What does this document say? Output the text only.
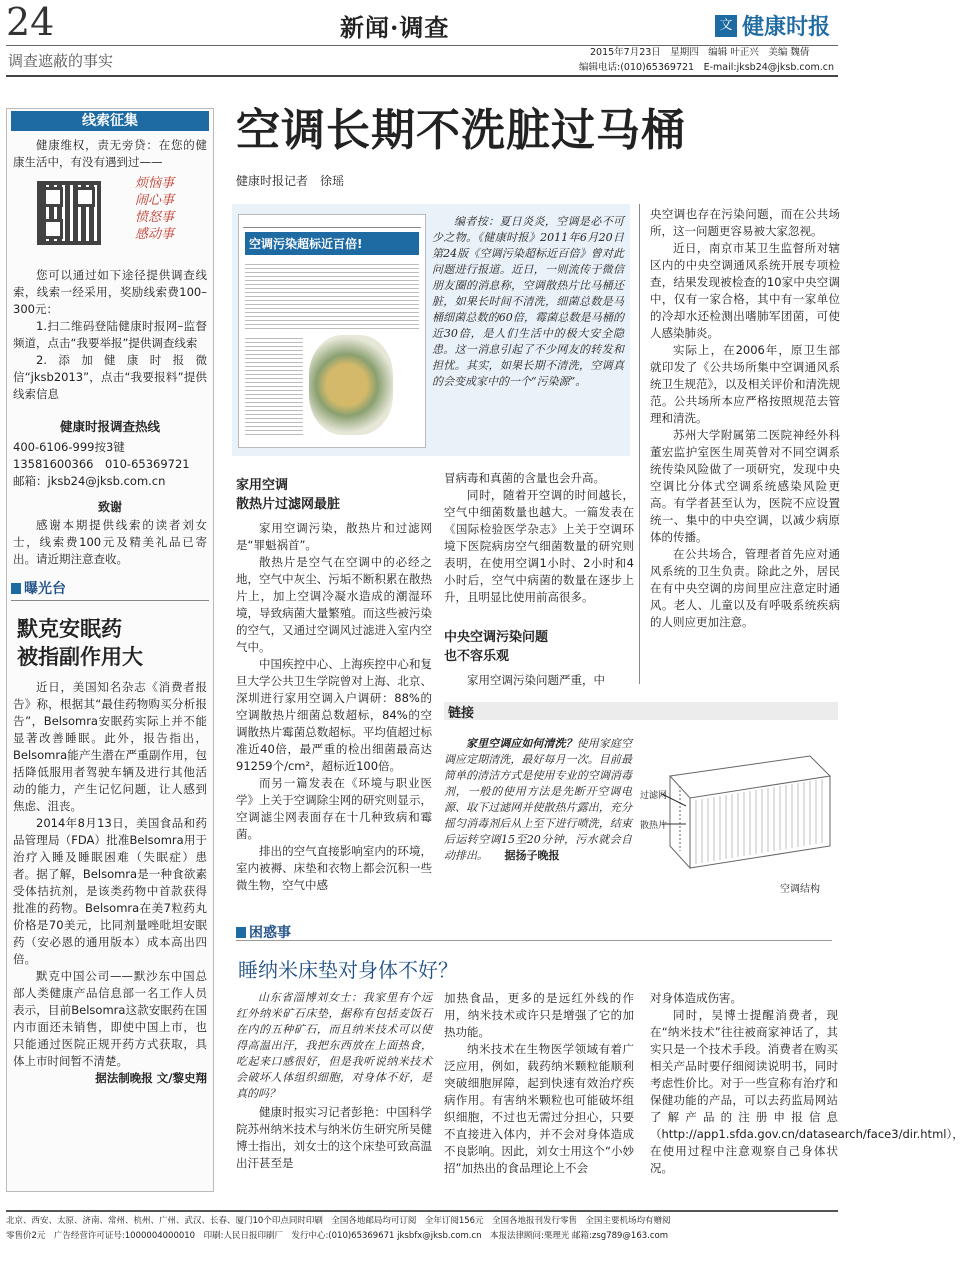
24	新闻·调查
调查遮蔽的事实
文 健康时报
2015年7月23日　星期四　编辑 叶正兴　美编 魏倩
编辑电话:(010)65369721　E-mail:jksb24@jksb.com.cn
线索征集
健康维权，责无旁贷：在您的健康生活中，有没有遇到过——
烦恼事
闹心事
愤怒事
感动事

您可以通过如下途径提供调查线索，线索一经采用，奖励线索费100–300元：

1.扫二维码登陆健康时报网–监督频道，点击“我要举报”提供调查线索

2.添加健康时报微信“jksb2013”，点击“我要报料”提供线索信息

健康时报调查热线
400-6106-999按3键
13581600366　010-65369721
邮箱：jksb24@jksb.com.cn
致谢

感谢本期提供线索的读者刘女士，线索费100元及精美礼品已寄出。请近期注意查收。

曝光台
默克安眠药
被指副作用大

近日，美国知名杂志《消费者报告》称，根据其“最佳药物购买分析报告”，Belsomra安眠药实际上并不能显著改善睡眠。此外，报告指出，Belsomra能产生潜在严重副作用，包括降低服用者驾驶车辆及进行其他活动的能力，产生记忆问题，让人感到焦虑、沮丧。

2014年8月13日，美国食品和药品管理局（FDA）批准Belsomra用于治疗入睡及睡眠困难（失眠症）患者。据了解，Belsomra是一种食欲素受体拮抗剂，是该类药物中首款获得批准的药物。Belsomra在美7粒药丸价格是70美元，比同剂量唑吡坦安眠药（安必恩的通用版本）成本高出四倍。

默克中国公司——默沙东中国总部人类健康产品信息部一名工作人员表示，目前Belsomra这款安眠药在国内市面还未销售，即使中国上市，也只能通过医院正规开药方式获取，具体上市时间暂不清楚。

据法制晚报 文/黎史翔
空调长期不洗脏过马桶
健康时报记者　徐瑶
空调污染超标近百倍!
编者按：夏日炎炎，空调是必不可少之物。《健康时报》2011年6月20日第24版《空调污染超标近百倍》曾对此问题进行报道。近日，一则流传于微信朋友圈的消息称，空调散热片比马桶还脏，如果长时间不清洗，细菌总数是马桶细菌总数的60倍，霉菌总数是马桶的近30倍，是人们生活中的极大安全隐患。这一消息引起了不少网友的转发和担忧。其实，如果长期不清洗，空调真的会变成家中的一个“污染源”。
家用空调
散热片过滤网最脏

家用空调污染，散热片和过滤网是“罪魁祸首”。

散热片是空气在空调中的必经之地，空气中灰尘、污垢不断积累在散热片上，加上空调冷凝水造成的潮湿环境，导致病菌大量繁殖。而这些被污染的空气，又通过空调风过滤进入室内空气中。

中国疾控中心、上海疾控中心和复旦大学公共卫生学院曾对上海、北京、深圳进行家用空调入户调研：88%的空调散热片细菌总数超标，84%的空调散热片霉菌总数超标。平均值超过标准近40倍，最严重的检出细菌最高达91259个/cm²，超标近100倍。

而另一篇发表在《环境与职业医学》上关于空调除尘网的研究则显示，空调滤尘网表面存在十几种致病和霉菌。

排出的空气直接影响室内的环境，室内被褥、床垫和衣物上都会沉积一些微生物，空气中感

冒病毒和真菌的含量也会升高。

同时，随着开空调的时间越长，空气中细菌数量也越大。一篇发表在《国际检验医学杂志》上关于空调环境下医院病房空气细菌数量的研究则表明，在使用空调1小时、2小时和4小时后，空气中病菌的数量在逐步上升，且明显比使用前高很多。

中央空调污染问题
也不容乐观

家用空调污染问题严重，中

央空调也存在污染问题，而在公共场所，这一问题更容易被大家忽视。

近日，南京市某卫生监督所对辖区内的中央空调通风系统开展专项检查，结果发现被检查的10家中央空调中，仅有一家合格，其中有一家单位的冷却水还检测出嗜肺军团菌，可使人感染肺炎。

实际上，在2006年，原卫生部就印发了《公共场所集中空调通风系统卫生规范》，以及相关评价和清洗规范。公共场所本应严格按照规范去管理和清洗。

苏州大学附属第二医院神经外科董宏监护室医生周英曾对不同空调系统传染风险做了一项研究，发现中央空调比分体式空调系统感染风险更高。有学者甚至认为，医院不应设置统一、集中的中央空调，以减少病原体的传播。

在公共场合，管理者首先应对通风系统的卫生负责。除此之外，居民在有中央空调的房间里应注意定时通风。老人、儿童以及有呼吸系统疾病的人则应更加注意。

链接
家里空调应如何清洗？使用家庭空调应定期清洗，最好每月一次。目前最简单的清洁方式是使用专业的空调消毒剂，一般的使用方法是先断开空调电源、取下过滤网并使散热片露出，充分摇匀消毒剂后从上至下进行喷洗，结束后运转空调15至20分钟，污水就会自动排出。 据扬子晚报
过滤网
散热片
空调结构
困惑事
睡纳米床垫对身体不好？
山东省淄博刘女士：我家里有个远红外纳米矿石床垫，据称有包括麦饭石在内的五种矿石，而且纳米技术可以使得高温出汗，我把东西放在上面热食，吃起来口感很好，但是我听说纳米技术会破坏人体组织细胞，对身体不好，是真的吗？

健康时报实习记者彭艳：中国科学院苏州纳米技术与纳米仿生研究所吴健博士指出，刘女士的这个床垫可致高温出汗甚至是

加热食品，更多的是远红外线的作用，纳米技术或许只是增强了它的加热功能。

纳米技术在生物医学领域有着广泛应用，例如，载药纳米颗粒能顺利突破细胞屏障，起到快速有效治疗疾病作用。有害纳米颗粒也可能破坏组织细胞，不过也无需过分担心，只要不直接进入体内，并不会对身体造成不良影响。因此，刘女士用这个“小妙招”加热出的食品理论上不会

对身体造成伤害。

同时，吴博士提醒消费者，现在“纳米技术”往往被商家神话了，其实只是一个技术手段。消费者在购买相关产品时要仔细阅读说明书，同时考虑性价比。对于一些宣称有治疗和保健功能的产品，可以去药监局网站了解产品的注册申报信息（http://app1.sfda.gov.cn/datasearch/face3/dir.html），在使用过程中注意观察自己身体状况。

北京、西安、太原、济南、常州、杭州、广州、武汉、长春、厦门10个印点同时印刷　全国各地邮局均可订阅　全年订阅156元　全国各地报刊发行零售　全国主要机场均有赠阅
零售价2元　广告经营许可证号:1000004000010　印刷:人民日报印刷厂　发行中心:(010)65369671 jksbfx@jksb.com.cn　本报法律顾问:栗理光 邮箱:zsg789@163.com
